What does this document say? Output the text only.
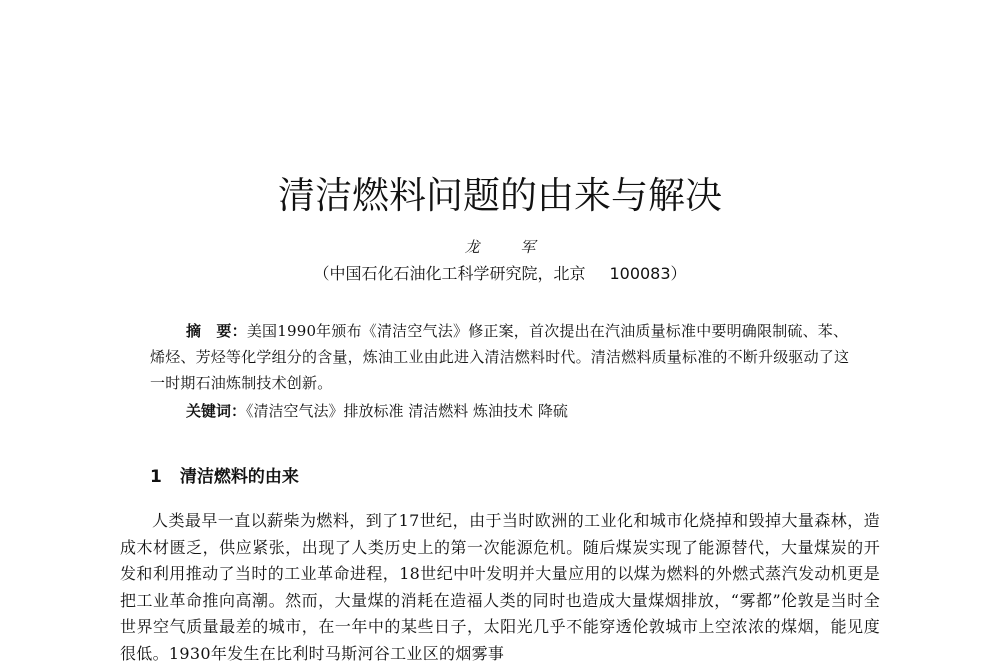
清洁燃料问题的由来与解决
龙 军
（中国石化石油化工科学研究院，北京 100083）

摘　要：美国1990年颁布《清洁空气法》修正案，首次提出在汽油质量标准中要明确限制硫、苯、烯烃、芳烃等化学组分的含量，炼油工业由此进入清洁燃料时代。清洁燃料质量标准的不断升级驱动了这一时期石油炼制技术创新。

关键词：《清洁空气法》排放标准 清洁燃料 炼油技术 降硫
1 清洁燃料的由来

人类最早一直以薪柴为燃料，到了17世纪，由于当时欧洲的工业化和城市化烧掉和毁掉大量森林，造成木材匮乏，供应紧张，出现了人类历史上的第一次能源危机。随后煤炭实现了能源替代，大量煤炭的开发和利用推动了当时的工业革命进程，18世纪中叶发明并大量应用的以煤为燃料的外燃式蒸汽发动机更是把工业革命推向高潮。然而，大量煤的消耗在造福人类的同时也造成大量煤烟排放，“雾都”伦敦是当时全世界空气质量最差的城市，在一年中的某些日子，太阳光几乎不能穿透伦敦城市上空浓浓的煤烟，能见度很低。1930年发生在比利时马斯河谷工业区的烟雾事
